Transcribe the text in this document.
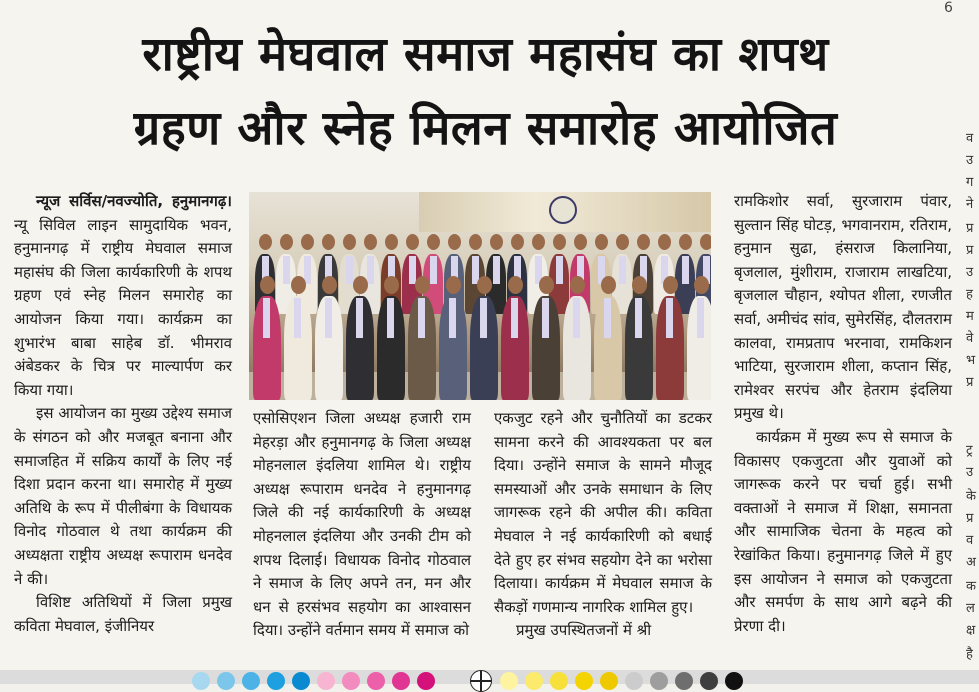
6
राष्ट्रीय मेघवाल समाज महासंघ का शपथ
ग्रहण और स्नेह मिलन समारोह आयोजित

न्यूज सर्विस/नवज्योति, हनुमानगढ़। न्यू सिविल लाइन सामुदायिक भवन, हनुमानगढ़ में राष्ट्रीय मेघवाल समाज महासंघ की जिला कार्यकारिणी के शपथ ग्रहण एवं स्नेह मिलन समारोह का आयोजन किया गया। कार्यक्रम का शुभारंभ बाबा साहेब डॉ. भीमराव अंबेडकर के चित्र पर माल्यार्पण कर किया गया।

इस आयोजन का मुख्य उद्देश्य समाज के संगठन को और मजबूत बनाना और समाजहित में सक्रिय कार्यों के लिए नई दिशा प्रदान करना था। समारोह में मुख्य अतिथि के रूप में पीलीबंगा के विधायक विनोद गोठवाल थे तथा कार्यक्रम की अध्यक्षता राष्ट्रीय अध्यक्ष रूपाराम धनदेव ने की।

विशिष्ट अतिथियों में जिला प्रमुख कविता मेघवाल, इंजीनियर

एसोसिएशन जिला अध्यक्ष हजारी राम मेहरड़ा और हनुमानगढ़ के जिला अध्यक्ष मोहनलाल इंदलिया शामिल थे। राष्ट्रीय अध्यक्ष रूपाराम धनदेव ने हनुमानगढ़ जिले की नई कार्यकारिणी के अध्यक्ष मोहनलाल इंदलिया और उनकी टीम को शपथ दिलाई। विधायक विनोद गोठवाल ने समाज के लिए अपने तन, मन और धन से हरसंभव सहयोग का आश्वासन दिया। उन्होंने वर्तमान समय में समाज को

एकजुट रहने और चुनौतियों का डटकर सामना करने की आवश्यकता पर बल दिया। उन्होंने समाज के सामने मौजूद समस्याओं और उनके समाधान के लिए जागरूक रहने की अपील की। कविता मेघवाल ने नई कार्यकारिणी को बधाई देते हुए हर संभव सहयोग देने का भरोसा दिलाया। कार्यक्रम में मेघवाल समाज के सैकड़ों गणमान्य नागरिक शामिल हुए।

प्रमुख उपस्थितजनों में श्री

रामकिशोर सर्वा, सुरजाराम पंवार, सुल्तान सिंह घोटड़, भगवानराम, रतिराम, हनुमान सुढा, हंसराज किलानिया, बृजलाल, मुंशीराम, राजाराम लाखटिया, बृजलाल चौहान, श्योपत शीला, रणजीत सर्वा, अमीचंद सांव, सुमेरसिंह, दौलतराम कालवा, रामप्रताप भरनावा, रामकिशन भाटिया, सुरजाराम शीला, कप्तान सिंह, रामेश्वर सरपंच और हेतराम इंदलिया प्रमुख थे।

कार्यक्रम में मुख्य रूप से समाज के विकासए एकजुटता और युवाओं को जागरूक करने पर चर्चा हुई। सभी वक्ताओं ने समाज में शिक्षा, समानता और सामाजिक चेतना के महत्व को रेखांकित किया। हनुमानगढ़ जिले में हुए इस आयोजन ने समाज को एकजुटता और समर्पण के साथ आगे बढ़ने की प्रेरणा दी।

व
उ
ग
ने
प्र
प्र
उ
ह
म
वे
भ
प्र
ट्र
उ
के
प्र
व
अ
क
ल
क्ष
है
